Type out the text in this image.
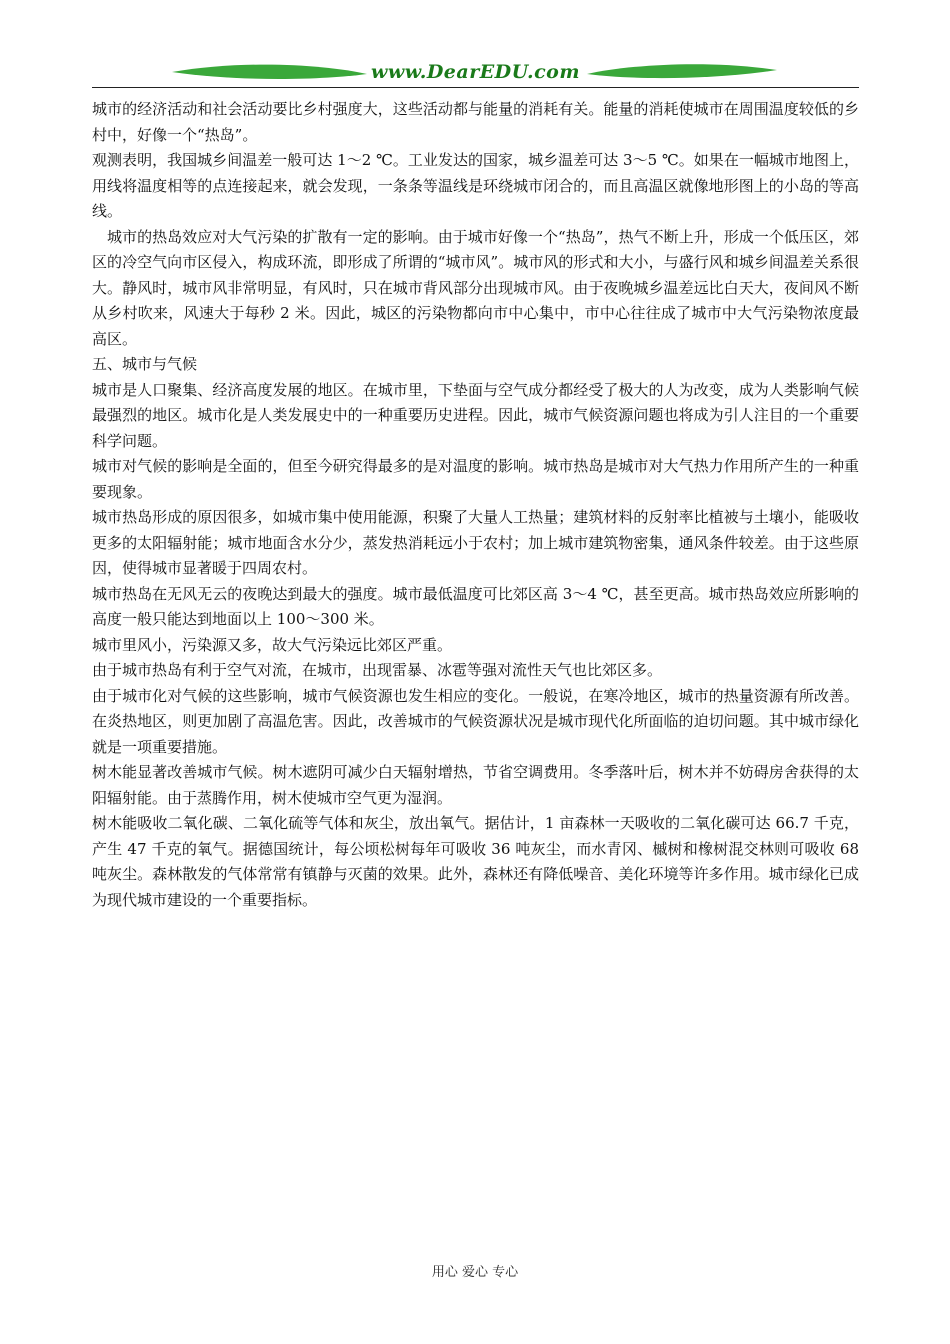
www.DearEDU.com

城市的经济活动和社会活动要比乡村强度大，这些活动都与能量的消耗有关。能量的消耗使城市在周围温度较低的乡村中，好像一个“热岛”。

观测表明，我国城乡间温差一般可达 1～2 ℃。工业发达的国家，城乡温差可达 3～5 ℃。如果在一幅城市地图上，用线将温度相等的点连接起来，就会发现，一条条等温线是环绕城市闭合的，而且高温区就像地形图上的小岛的等高线。

城市的热岛效应对大气污染的扩散有一定的影响。由于城市好像一个“热岛”，热气不断上升，形成一个低压区，郊区的冷空气向市区侵入，构成环流，即形成了所谓的“城市风”。城市风的形式和大小，与盛行风和城乡间温差关系很大。静风时，城市风非常明显，有风时，只在城市背风部分出现城市风。由于夜晚城乡温差远比白天大，夜间风不断从乡村吹来，风速大于每秒 2 米。因此，城区的污染物都向市中心集中，市中心往往成了城市中大气污染物浓度最高区。

五、城市与气候

城市是人口聚集、经济高度发展的地区。在城市里，下垫面与空气成分都经受了极大的人为改变，成为人类影响气候最强烈的地区。城市化是人类发展史中的一种重要历史进程。因此，城市气候资源问题也将成为引人注目的一个重要科学问题。

城市对气候的影响是全面的，但至今研究得最多的是对温度的影响。城市热岛是城市对大气热力作用所产生的一种重要现象。

城市热岛形成的原因很多，如城市集中使用能源，积聚了大量人工热量；建筑材料的反射率比植被与土壤小，能吸收更多的太阳辐射能；城市地面含水分少，蒸发热消耗远小于农村；加上城市建筑物密集，通风条件较差。由于这些原因，使得城市显著暖于四周农村。

城市热岛在无风无云的夜晚达到最大的强度。城市最低温度可比郊区高 3～4 ℃，甚至更高。城市热岛效应所影响的高度一般只能达到地面以上 100～300 米。

城市里风小，污染源又多，故大气污染远比郊区严重。

由于城市热岛有利于空气对流，在城市，出现雷暴、冰雹等强对流性天气也比郊区多。

由于城市化对气候的这些影响，城市气候资源也发生相应的变化。一般说，在寒冷地区，城市的热量资源有所改善。在炎热地区，则更加剧了高温危害。因此，改善城市的气候资源状况是城市现代化所面临的迫切问题。其中城市绿化就是一项重要措施。

树木能显著改善城市气候。树木遮阴可减少白天辐射增热，节省空调费用。冬季落叶后，树木并不妨碍房舍获得的太阳辐射能。由于蒸腾作用，树木使城市空气更为湿润。

树木能吸收二氧化碳、二氧化硫等气体和灰尘，放出氧气。据估计，1 亩森林一天吸收的二氧化碳可达 66.7 千克，产生 47 千克的氧气。据德国统计，每公顷松树每年可吸收 36 吨灰尘，而水青冈、槭树和橡树混交林则可吸收 68 吨灰尘。森林散发的气体常常有镇静与灭菌的效果。此外，森林还有降低噪音、美化环境等许多作用。城市绿化已成为现代城市建设的一个重要指标。

用心 爱心 专心
